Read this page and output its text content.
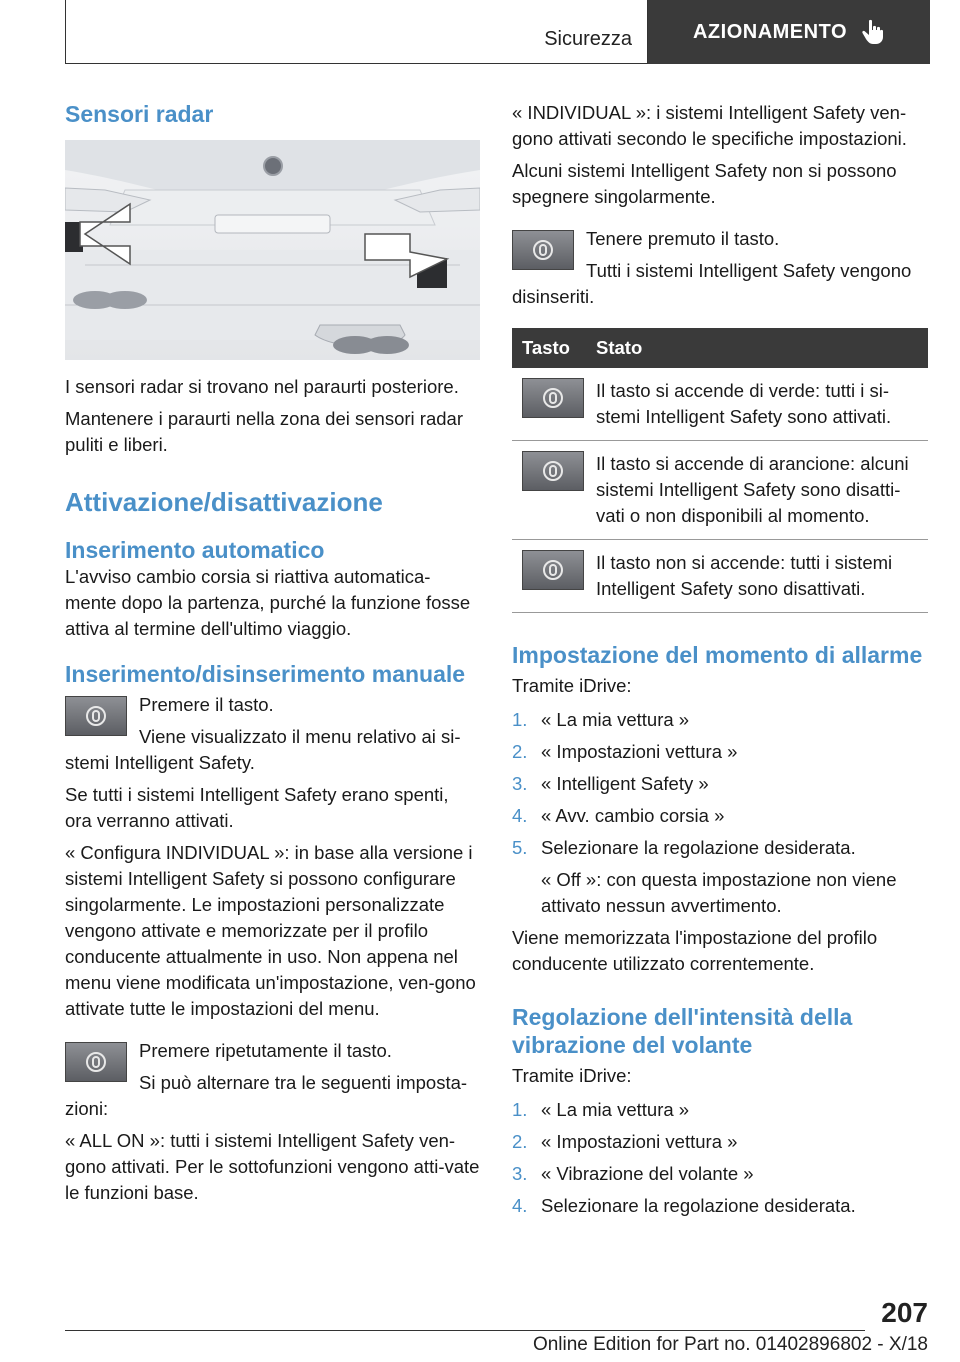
Sicurezza	AZIONAMENTO
Sensori radar

I sensori radar si trovano nel paraurti posteriore.

Mantenere i paraurti nella zona dei sensori radar puliti e liberi.

Attivazione/disattivazione
Inserimento automatico

L'avviso cambio corsia si riattiva automatica-mente dopo la partenza, purché la funzione fosse attiva al termine dell'ultimo viaggio.

Inserimento/disinserimento manuale

Premere il tasto.

Viene visualizzato il menu relativo ai si-stemi Intelligent Safety.

Se tutti i sistemi Intelligent Safety erano spenti, ora verranno attivati.

« Configura INDIVIDUAL »: in base alla versione i sistemi Intelligent Safety si possono configurare singolarmente. Le impostazioni personalizzate vengono attivate e memorizzate per il profilo conducente attualmente in uso. Non appena nel menu viene modificata un'impostazione, ven-gono attivate tutte le impostazioni del menu.

Premere ripetutamente il tasto.

Si può alternare tra le seguenti imposta-zioni:

« ALL ON »: tutti i sistemi Intelligent Safety ven-gono attivati. Per le sottofunzioni vengono atti-vate le funzioni base.

« INDIVIDUAL »: i sistemi Intelligent Safety ven-gono attivati secondo le specifiche impostazioni.

Alcuni sistemi Intelligent Safety non si possono spegnere singolarmente.

Tenere premuto il tasto.

Tutti i sistemi Intelligent Safety vengono disinseriti.

Tasto	Stato

	Il tasto si accende di verde: tutti i si-stemi Intelligent Safety sono attivati.

	Il tasto si accende di arancione: alcuni sistemi Intelligent Safety sono disatti-vati o non disponibili al momento.

	Il tasto non si accende: tutti i sistemi Intelligent Safety sono disattivati.
Impostazione del momento di allarme

Tramite iDrive:

1. « La mia vettura »
2. « Impostazioni vettura »
3. « Intelligent Safety »
4. « Avv. cambio corsia »
5. Selezionare la regolazione desiderata.
« Off »: con questa impostazione non viene attivato nessun avvertimento.

Viene memorizzata l'impostazione del profilo conducente utilizzato correntemente.

Regolazione dell'intensità della vibrazione del volante

Tramite iDrive:

1. « La mia vettura »
2. « Impostazioni vettura »
3. « Vibrazione del volante »
4. Selezionare la regolazione desiderata.
207
Online Edition for Part no. 01402896802 - X/18
